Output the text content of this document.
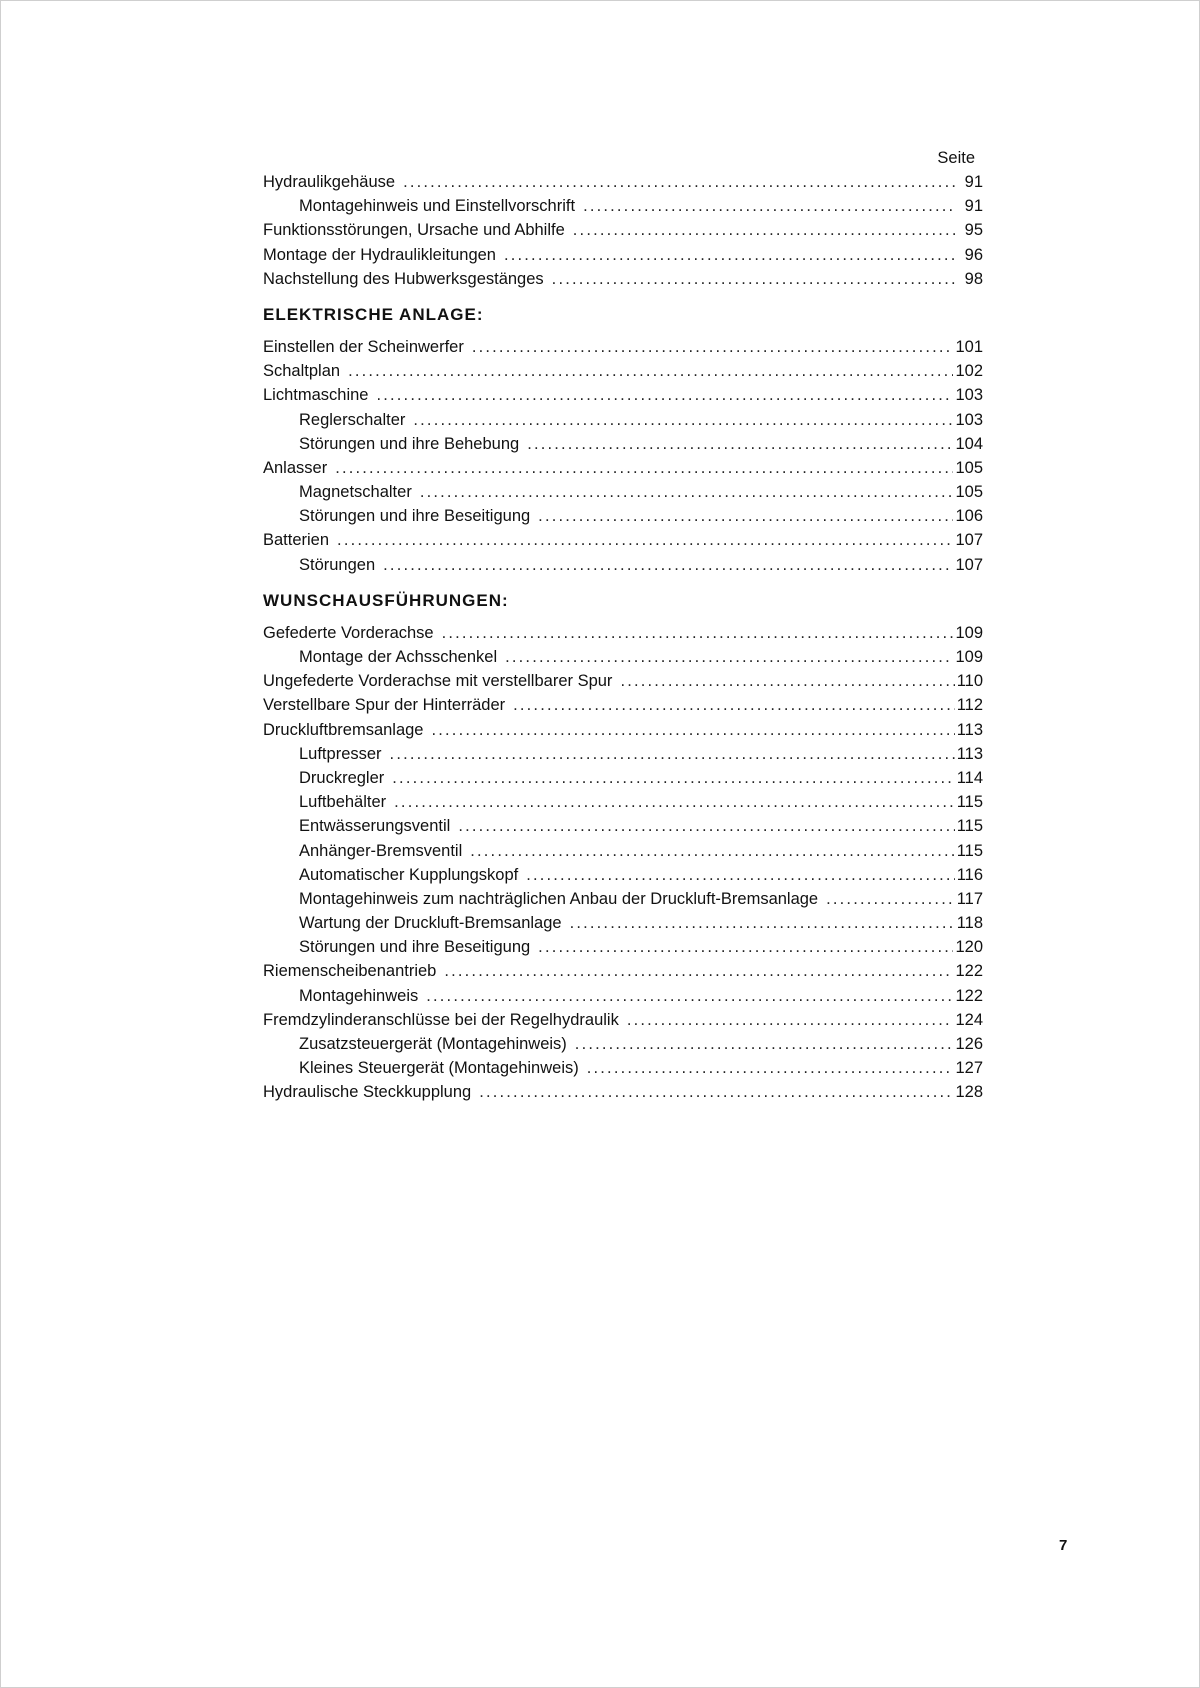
Seite
Hydraulikgehäuse . . .	91
Montagehinweis und Einstellvorschrift . . .	91
Funktionsstörungen, Ursache und Abhilfe . . .	95
Montage der Hydraulikleitungen . . .	96
Nachstellung des Hubwerksgestänges . . .	98
ELEKTRISCHE ANLAGE:
Einstellen der Scheinwerfer . . .	101
Schaltplan . . .	102
Lichtmaschine . . .	103
Reglerschalter . . .	103
Störungen und ihre Behebung . . .	104
Anlasser . . .	105
Magnetschalter . . .	105
Störungen und ihre Beseitigung . . .	106
Batterien . . .	107
Störungen . . .	107
WUNSCHAUSFÜHRUNGEN:
Gefederte Vorderachse . . .	109
Montage der Achsschenkel . . .	109
Ungefederte Vorderachse mit verstellbarer Spur . . .	110
Verstellbare Spur der Hinterräder . . .	112
Druckluftbremsanlage . . .	113
Luftpresser . . .	113
Druckregler . . .	114
Luftbehälter . . .	115
Entwässerungsventil . . .	115
Anhänger-Bremsventil . . .	115
Automatischer Kupplungskopf . . .	116
Montagehinweis zum nachträglichen Anbau der Druckluft-Bremsanlage . . .	117
Wartung der Druckluft-Bremsanlage . . .	118
Störungen und ihre Beseitigung . . .	120
Riemenscheibenantrieb . . .	122
Montagehinweis . . .	122
Fremdzylinderanschlüsse bei der Regelhydraulik . . .	124
Zusatzsteuergerät (Montagehinweis) . . .	126
Kleines Steuergerät (Montagehinweis) . . .	127
Hydraulische Steckkupplung . . .	128
7
